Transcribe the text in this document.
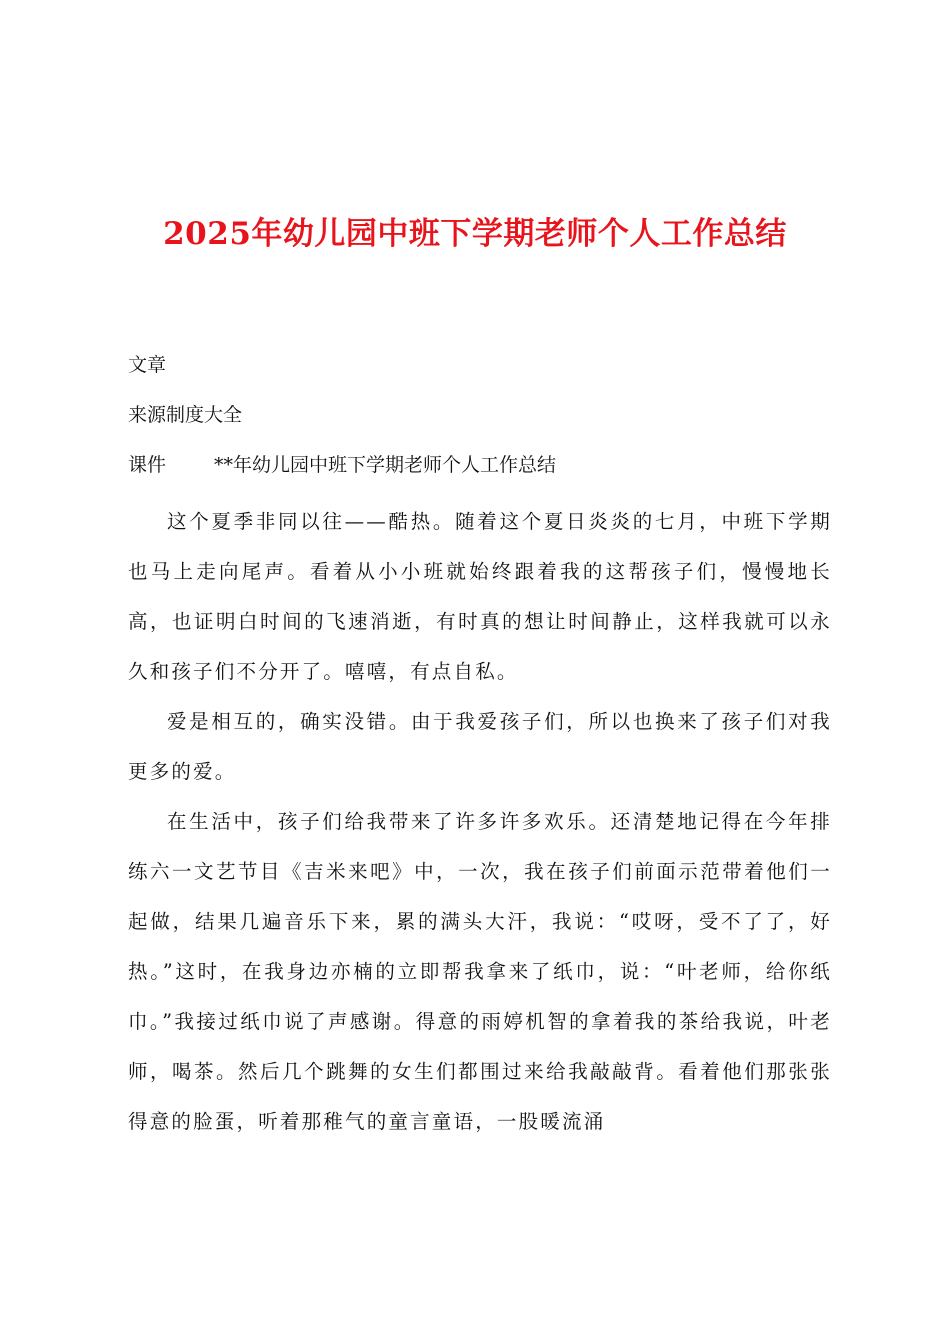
2025年幼儿园中班下学期老师个人工作总结
文章
来源制度大全
课件	**年幼儿园中班下学期老师个人工作总结

这个夏季非同以往——酷热。随着这个夏日炎炎的七月，中班下学期也马上走向尾声。看着从小小班就始终跟着我的这帮孩子们，慢慢地长高，也证明白时间的飞速消逝，有时真的想让时间静止，这样我就可以永久和孩子们不分开了。嘻嘻，有点自私。

爱是相互的，确实没错。由于我爱孩子们，所以也换来了孩子们对我更多的爱。

在生活中，孩子们给我带来了许多许多欢乐。还清楚地记得在今年排练六一文艺节目《吉米来吧》中，一次，我在孩子们前面示范带着他们一起做，结果几遍音乐下来，累的满头大汗，我说：“哎呀，受不了了，好热。”这时，在我身边亦楠的立即帮我拿来了纸巾，说：“叶老师，给你纸巾。”我接过纸巾说了声感谢。得意的雨婷机智的拿着我的茶给我说，叶老师，喝茶。然后几个跳舞的女生们都围过来给我敲敲背。看着他们那张张得意的脸蛋，听着那稚气的童言童语，一股暖流涌
